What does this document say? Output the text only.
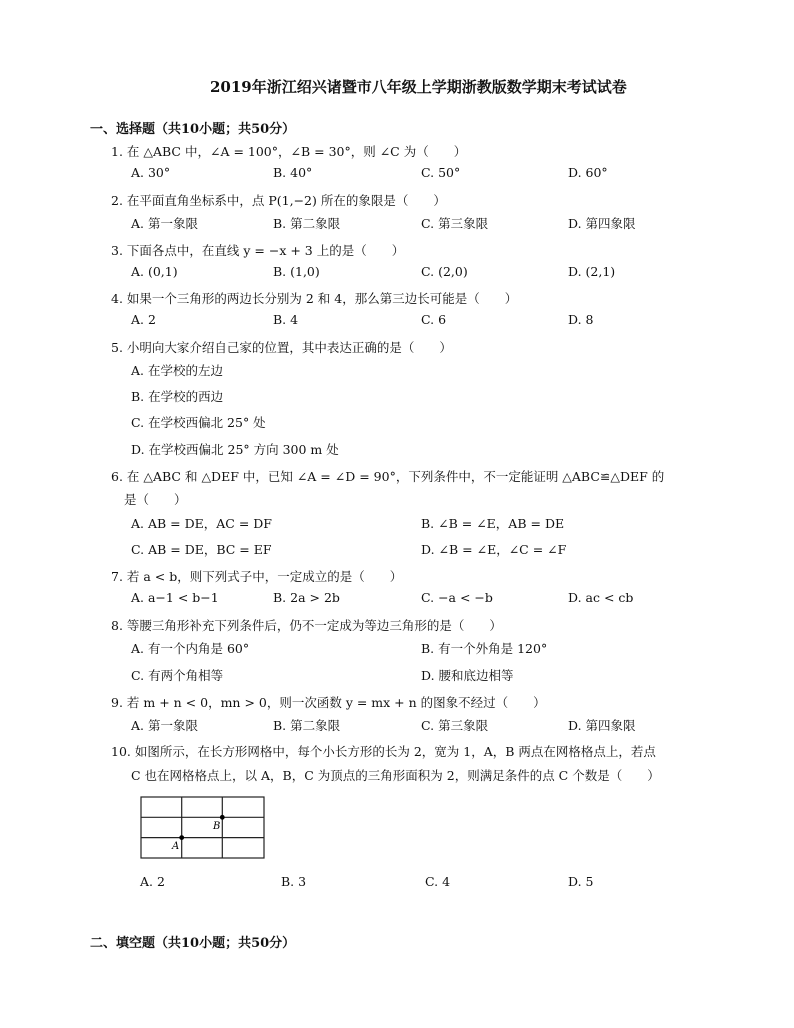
2019年浙江绍兴诸暨市八年级上学期浙教版数学期末考试试卷
一、选择题（共10小题；共50分）
1. 在 △ABC 中，∠A = 100°，∠B = 30°，则 ∠C 为（　　）
A. 30°	B. 40°	C. 50°	D. 60°
2. 在平面直角坐标系中，点 P(1,−2) 所在的象限是（　　）
A. 第一象限	B. 第二象限	C. 第三象限	D. 第四象限
3. 下面各点中，在直线 y = −x + 3 上的是（　　）
A. (0,1)	B. (1,0)	C. (2,0)	D. (2,1)
4. 如果一个三角形的两边长分别为 2 和 4，那么第三边长可能是（　　）
A. 2	B. 4	C. 6	D. 8
5. 小明向大家介绍自己家的位置，其中表达正确的是（　　）
A. 在学校的左边
B. 在学校的西边
C. 在学校西偏北 25° 处
D. 在学校西偏北 25° 方向 300 m 处
6. 在 △ABC 和 △DEF 中，已知 ∠A = ∠D = 90°，下列条件中，不一定能证明 △ABC≌△DEF 的
是（　　）
A. AB = DE，AC = DF	B. ∠B = ∠E，AB = DE
C. AB = DE，BC = EF	D. ∠B = ∠E，∠C = ∠F
7. 若 a < b，则下列式子中，一定成立的是（　　）
A. a−1 < b−1	B. 2a > 2b	C. −a < −b	D. ac < cb
8. 等腰三角形补充下列条件后，仍不一定成为等边三角形的是（　　）
A. 有一个内角是 60°	B. 有一个外角是 120°
C. 有两个角相等	D. 腰和底边相等
9. 若 m + n < 0，mn > 0，则一次函数 y = mx + n 的图象不经过（　　）
A. 第一象限	B. 第二象限	C. 第三象限	D. 第四象限
10. 如图所示，在长方形网格中，每个小长方形的长为 2，宽为 1，A，B 两点在网格格点上，若点
C 也在网格格点上，以 A，B，C 为顶点的三角形面积为 2，则满足条件的点 C 个数是（　　）
A
B
A. 2	B. 3	C. 4	D. 5
二、填空题（共10小题；共50分）
